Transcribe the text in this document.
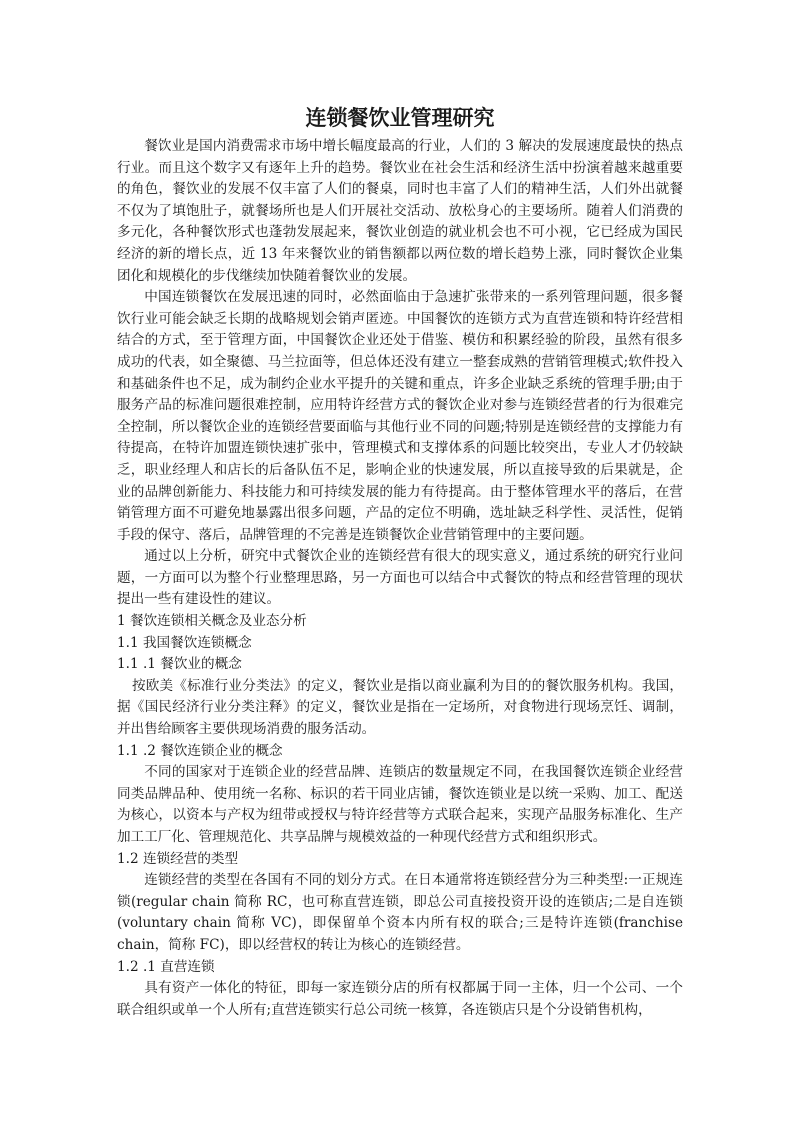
连锁餐饮业管理研究

餐饮业是国内消费需求市场中增长幅度最高的行业，人们的 3 解决的发展速度最快的热点行业。而且这个数字又有逐年上升的趋势。餐饮业在社会生活和经济生活中扮演着越来越重要的角色，餐饮业的发展不仅丰富了人们的餐桌，同时也丰富了人们的精神生活，人们外出就餐不仅为了填饱肚子，就餐场所也是人们开展社交活动、放松身心的主要场所。随着人们消费的多元化，各种餐饮形式也蓬勃发展起来，餐饮业创造的就业机会也不可小视，它已经成为国民经济的新的增长点，近 13 年来餐饮业的销售额都以两位数的增长趋势上涨，同时餐饮企业集团化和规模化的步伐继续加快随着餐饮业的发展。

中国连锁餐饮在发展迅速的同时，必然面临由于急速扩张带来的一系列管理问题，很多餐饮行业可能会缺乏长期的战略规划会销声匿迹。中国餐饮的连锁方式为直营连锁和特许经营相结合的方式，至于管理方面，中国餐饮企业还处于借鉴、模仿和积累经验的阶段，虽然有很多成功的代表，如全聚德、马兰拉面等，但总体还没有建立一整套成熟的营销管理模式;软件投入和基础条件也不足，成为制约企业水平提升的关键和重点，许多企业缺乏系统的管理手册;由于服务产品的标准问题很难控制，应用特许经营方式的餐饮企业对参与连锁经营者的行为很难完全控制，所以餐饮企业的连锁经营要面临与其他行业不同的问题;特别是连锁经营的支撑能力有待提高，在特许加盟连锁快速扩张中，管理模式和支撑体系的问题比较突出，专业人才仍较缺乏，职业经理人和店长的后备队伍不足，影响企业的快速发展，所以直接导致的后果就是，企业的品牌创新能力、科技能力和可持续发展的能力有待提高。由于整体管理水平的落后，在营销管理方面不可避免地暴露出很多问题，产品的定位不明确，选址缺乏科学性、灵活性，促销手段的保守、落后，品牌管理的不完善是连锁餐饮企业营销管理中的主要问题。

通过以上分析，研究中式餐饮企业的连锁经营有很大的现实意义，通过系统的研究行业问题，一方面可以为整个行业整理思路，另一方面也可以结合中式餐饮的特点和经营管理的现状提出一些有建设性的建议。

1 餐饮连锁相关概念及业态分析
1.1 我国餐饮连锁概念
1.1 .1 餐饮业的概念

按欧美《标准行业分类法》的定义，餐饮业是指以商业赢利为目的的餐饮服务机构。我国，据《国民经济行业分类注释》的定义，餐饮业是指在一定场所，对食物进行现场烹饪、调制，并出售给顾客主要供现场消费的服务活动。

1.1 .2 餐饮连锁企业的概念

不同的国家对于连锁企业的经营品牌、连锁店的数量规定不同，在我国餐饮连锁企业经营同类品牌品种、使用统一名称、标识的若干同业店铺，餐饮连锁业是以统一采购、加工、配送为核心，以资本与产权为纽带或授权与特许经营等方式联合起来，实现产品服务标准化、生产加工工厂化、管理规范化、共享品牌与规模效益的一种现代经营方式和组织形式。

1.2 连锁经营的类型

连锁经营的类型在各国有不同的划分方式。在日本通常将连锁经营分为三种类型:一正规连锁(regular chain 简称 RC，也可称直营连锁，即总公司直接投资开设的连锁店;二是自连锁(voluntary chain 简称 VC)，即保留单个资本内所有权的联合;三是特许连锁(franchise chain，简称 FC)，即以经营权的转让为核心的连锁经营。

1.2 .1 直营连锁

具有资产一体化的特征，即每一家连锁分店的所有权都属于同一主体，归一个公司、一个联合组织或单一个人所有;直营连锁实行总公司统一核算，各连锁店只是个分设销售机构，
